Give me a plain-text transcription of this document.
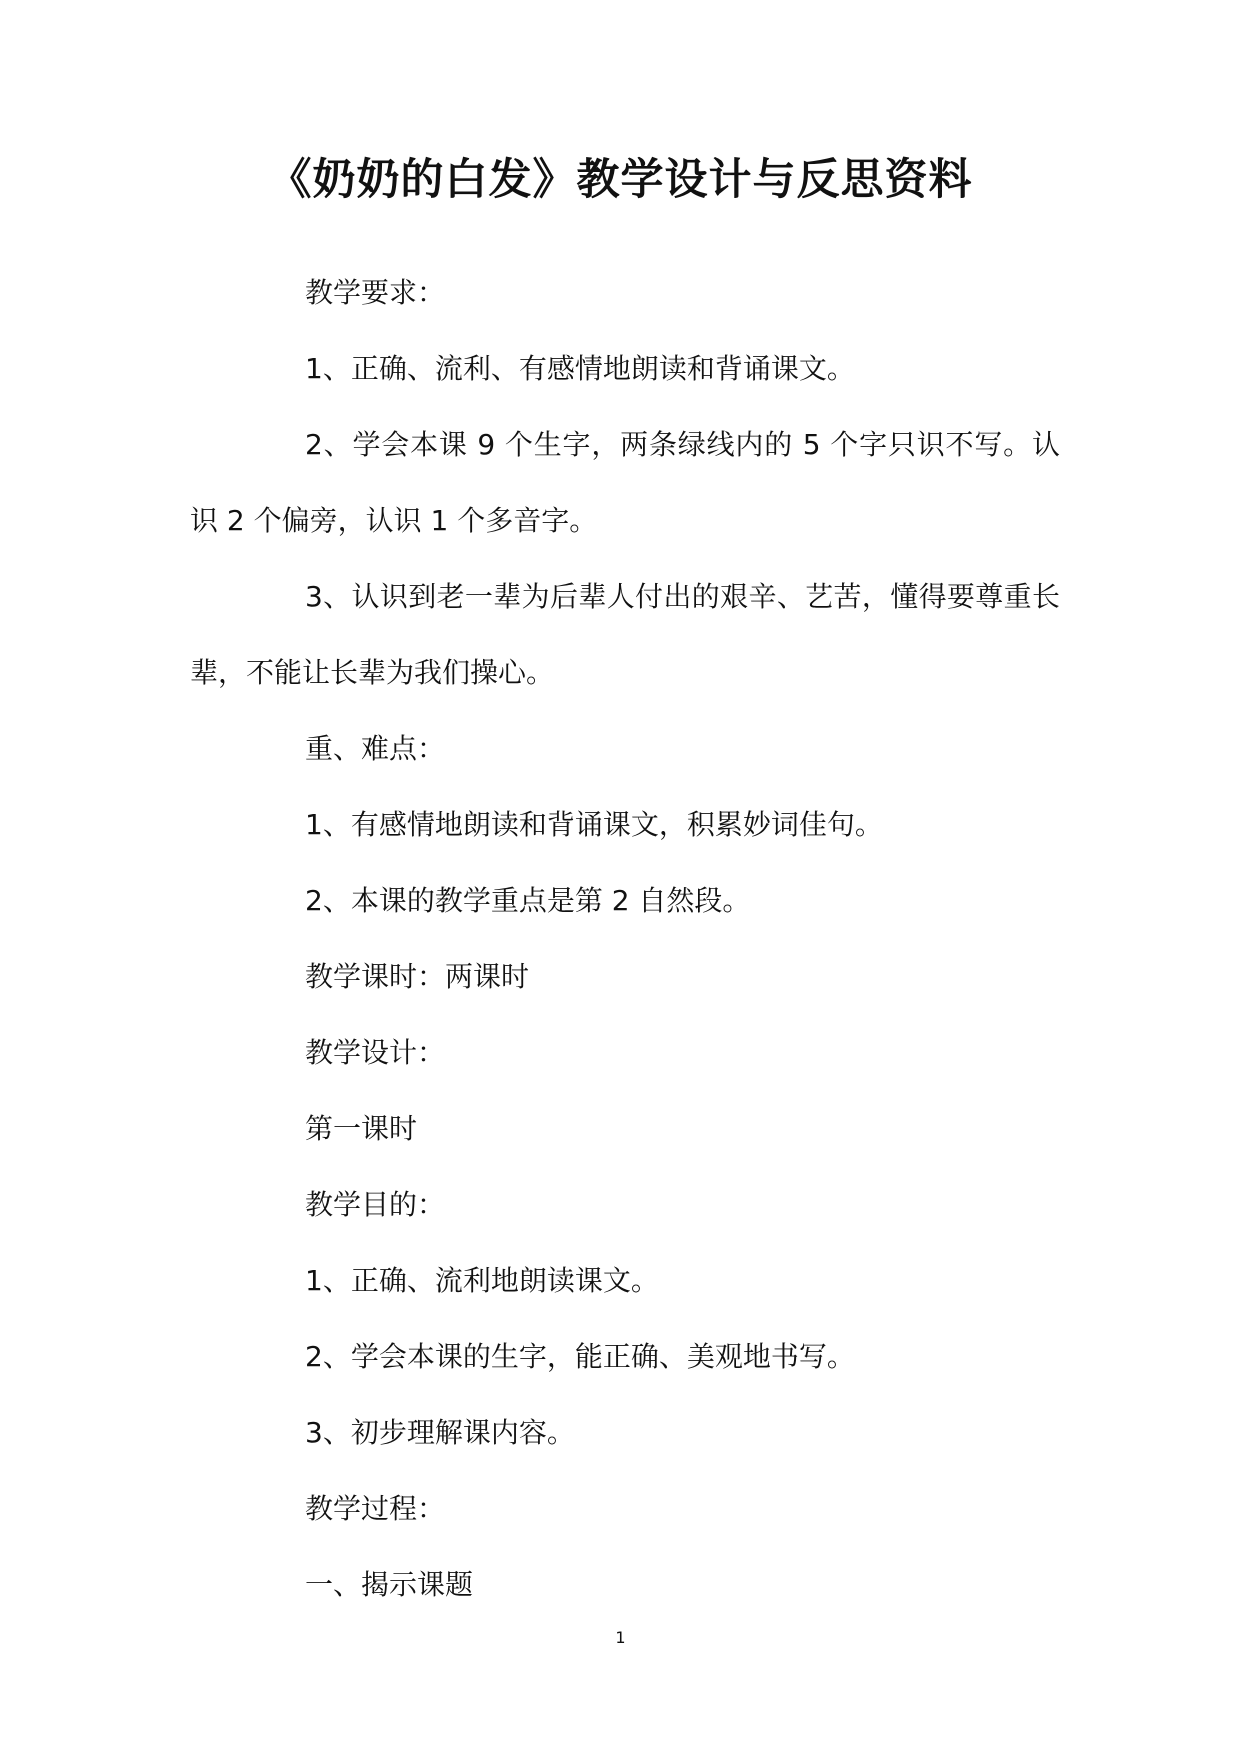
《奶奶的白发》教学设计与反思资料

教学要求：

1、正确、流利、有感情地朗读和背诵课文。

2、学会本课 9 个生字，两条绿线内的 5 个字只识不写。认识 2 个偏旁，认识 1 个多音字。

3、认识到老一辈为后辈人付出的艰辛、艺苦，懂得要尊重长辈，不能让长辈为我们操心。

重、难点：

1、有感情地朗读和背诵课文，积累妙词佳句。

2、本课的教学重点是第 2 自然段。

教学课时：两课时

教学设计：

第一课时

教学目的：

1、正确、流利地朗读课文。

2、学会本课的生字，能正确、美观地书写。

3、初步理解课内容。

教学过程：

一、揭示课题

1
